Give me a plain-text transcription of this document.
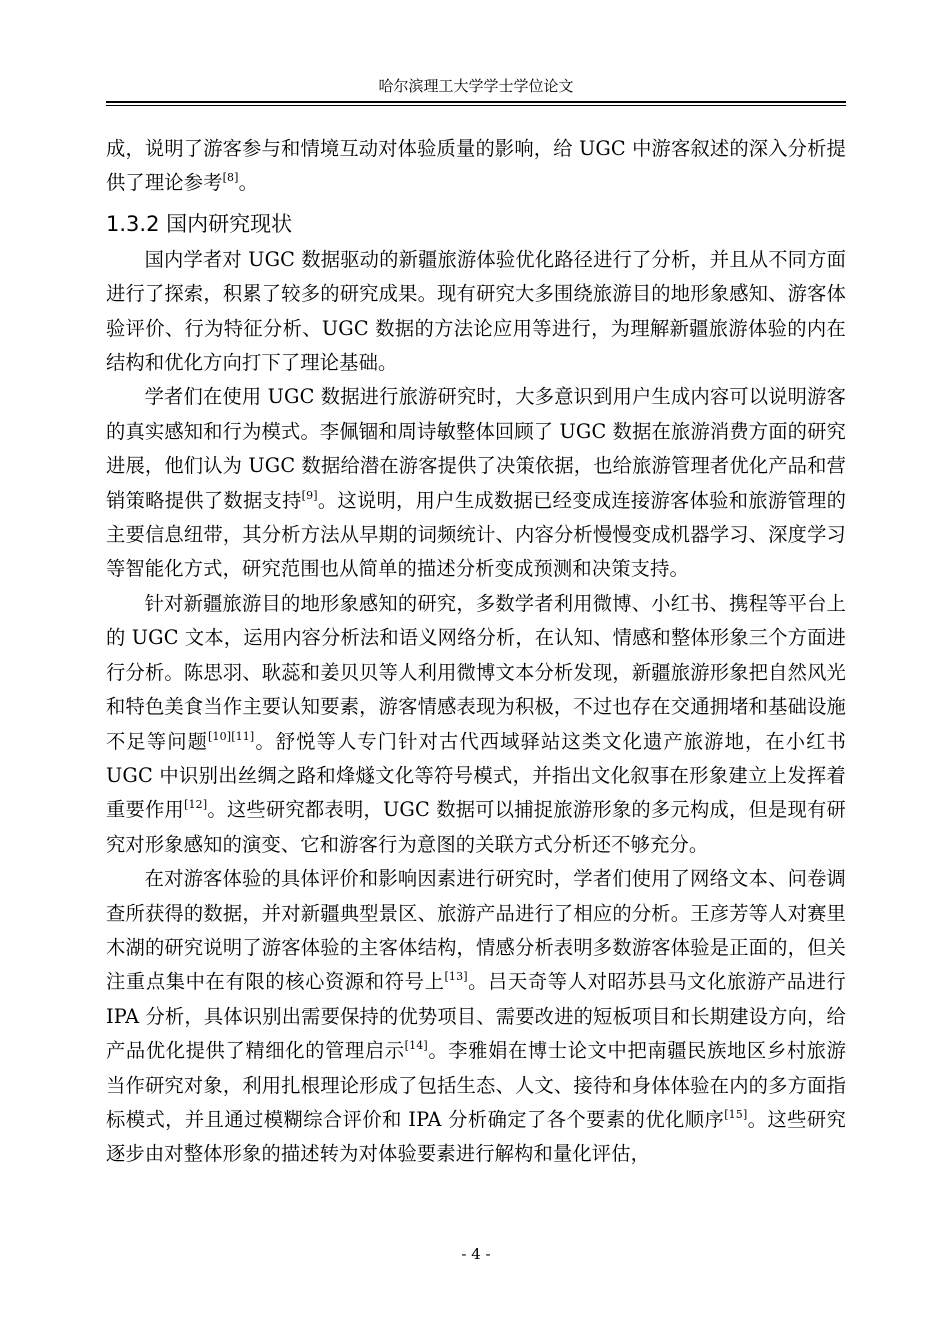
哈尔滨理工大学学士学位论文

成，说明了游客参与和情境互动对体验质量的影响，给 UGC 中游客叙述的深入分析提供了理论参考[8]。

1.3.2 国内研究现状

国内学者对 UGC 数据驱动的新疆旅游体验优化路径进行了分析，并且从不同方面进行了探索，积累了较多的研究成果。现有研究大多围绕旅游目的地形象感知、游客体验评价、行为特征分析、UGC 数据的方法论应用等进行，为理解新疆旅游体验的内在结构和优化方向打下了理论基础。

学者们在使用 UGC 数据进行旅游研究时，大多意识到用户生成内容可以说明游客的真实感知和行为模式。李佩锢和周诗敏整体回顾了 UGC 数据在旅游消费方面的研究进展，他们认为 UGC 数据给潜在游客提供了决策依据，也给旅游管理者优化产品和营销策略提供了数据支持[9]。这说明，用户生成数据已经变成连接游客体验和旅游管理的主要信息纽带，其分析方法从早期的词频统计、内容分析慢慢变成机器学习、深度学习等智能化方式，研究范围也从简单的描述分析变成预测和决策支持。

针对新疆旅游目的地形象感知的研究，多数学者利用微博、小红书、携程等平台上的 UGC 文本，运用内容分析法和语义网络分析，在认知、情感和整体形象三个方面进行分析。陈思羽、耿蕊和姜贝贝等人利用微博文本分析发现，新疆旅游形象把自然风光和特色美食当作主要认知要素，游客情感表现为积极，不过也存在交通拥堵和基础设施不足等问题[10][11]。舒悦等人专门针对古代西域驿站这类文化遗产旅游地，在小红书 UGC 中识别出丝绸之路和烽燧文化等符号模式，并指出文化叙事在形象建立上发挥着重要作用[12]。这些研究都表明，UGC 数据可以捕捉旅游形象的多元构成，但是现有研究对形象感知的演变、它和游客行为意图的关联方式分析还不够充分。

在对游客体验的具体评价和影响因素进行研究时，学者们使用了网络文本、问卷调查所获得的数据，并对新疆典型景区、旅游产品进行了相应的分析。王彦芳等人对赛里木湖的研究说明了游客体验的主客体结构，情感分析表明多数游客体验是正面的，但关注重点集中在有限的核心资源和符号上[13]。吕天奇等人对昭苏县马文化旅游产品进行 IPA 分析，具体识别出需要保持的优势项目、需要改进的短板项目和长期建设方向，给产品优化提供了精细化的管理启示[14]。李雅娟在博士论文中把南疆民族地区乡村旅游当作研究对象，利用扎根理论形成了包括生态、人文、接待和身体体验在内的多方面指标模式，并且通过模糊综合评价和 IPA 分析确定了各个要素的优化顺序[15]。这些研究逐步由对整体形象的描述转为对体验要素进行解构和量化评估，

- 4 -
